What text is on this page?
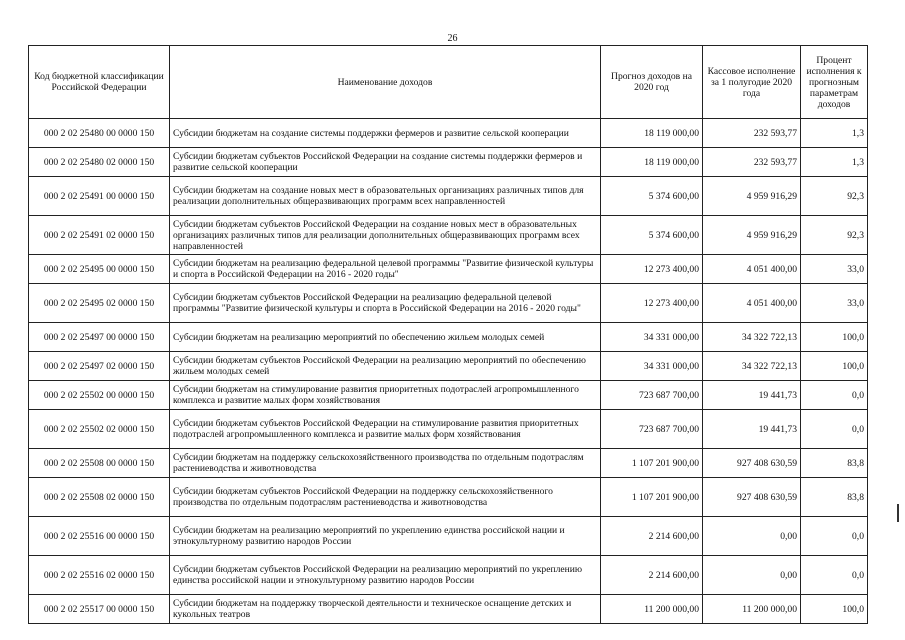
26
Код бюджетной классификации Российской Федерации	Наименование доходов	Прогноз доходов на 2020 год	Кассовое исполнение за 1 полугодие 2020 года	Процент исполнения к прогнозным параметрам доходов
000 2 02 25480 00 0000 150	Субсидии бюджетам на создание системы поддержки фермеров и развитие сельской кооперации	18 119 000,00	232 593,77	1,3
000 2 02 25480 02 0000 150	Субсидии бюджетам субъектов Российской Федерации на создание системы поддержки фермеров и развитие сельской кооперации	18 119 000,00	232 593,77	1,3
000 2 02 25491 00 0000 150	Субсидии бюджетам на создание новых мест в образовательных организациях различных типов для реализации дополнительных общеразвивающих программ всех направленностей	5 374 600,00	4 959 916,29	92,3
000 2 02 25491 02 0000 150	Субсидии бюджетам субъектов Российской Федерации на создание новых мест в образовательных организациях различных типов для реализации дополнительных общеразвивающих программ всех направленностей	5 374 600,00	4 959 916,29	92,3
000 2 02 25495 00 0000 150	Субсидии бюджетам на реализацию федеральной целевой программы "Развитие физической культуры и спорта в Российской Федерации на 2016 - 2020 годы"	12 273 400,00	4 051 400,00	33,0
000 2 02 25495 02 0000 150	Субсидии бюджетам субъектов Российской Федерации на реализацию федеральной целевой программы "Развитие физической культуры и спорта в Российской Федерации на 2016 - 2020 годы"	12 273 400,00	4 051 400,00	33,0
000 2 02 25497 00 0000 150	Субсидии бюджетам на реализацию мероприятий по обеспечению жильем молодых семей	34 331 000,00	34 322 722,13	100,0
000 2 02 25497 02 0000 150	Субсидии бюджетам субъектов Российской Федерации на реализацию мероприятий по обеспечению жильем молодых семей	34 331 000,00	34 322 722,13	100,0
000 2 02 25502 00 0000 150	Субсидии бюджетам на стимулирование развития приоритетных подотраслей агропромышленного комплекса и развитие малых форм хозяйствования	723 687 700,00	19 441,73	0,0
000 2 02 25502 02 0000 150	Субсидии бюджетам субъектов Российской Федерации на стимулирование развития приоритетных подотраслей агропромышленного комплекса и развитие малых форм хозяйствования	723 687 700,00	19 441,73	0,0
000 2 02 25508 00 0000 150	Субсидии бюджетам на поддержку сельскохозяйственного производства по отдельным подотраслям растениеводства и животноводства	1 107 201 900,00	927 408 630,59	83,8
000 2 02 25508 02 0000 150	Субсидии бюджетам субъектов Российской Федерации на поддержку сельскохозяйственного производства по отдельным подотраслям растениеводства и животноводства	1 107 201 900,00	927 408 630,59	83,8
000 2 02 25516 00 0000 150	Субсидии бюджетам на реализацию мероприятий по укреплению единства российской нации и этнокультурному развитию народов России	2 214 600,00	0,00	0,0
000 2 02 25516 02 0000 150	Субсидии бюджетам субъектов Российской Федерации на реализацию мероприятий по укреплению единства российской нации и этнокультурному развитию народов России	2 214 600,00	0,00	0,0
000 2 02 25517 00 0000 150	Субсидии бюджетам на поддержку творческой деятельности и техническое оснащение детских и кукольных театров	11 200 000,00	11 200 000,00	100,0
